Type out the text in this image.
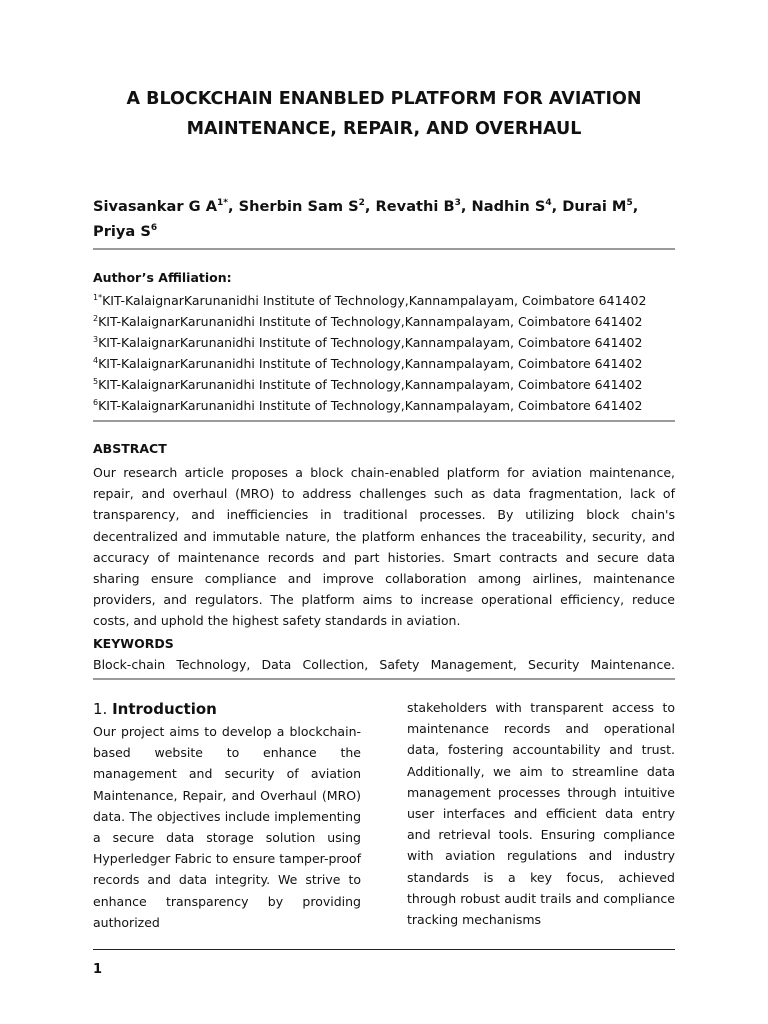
A BLOCKCHAIN ENANBLED PLATFORM FOR AVIATION
MAINTENANCE, REPAIR, AND OVERHAUL
Sivasankar G $A^{1*}$, Sherbin Sam $S^2$, Revathi $B^3$, Nadhin $S^4$, Durai $M^5$, Priya $S^6$
Author’s Affiliation:
$^{1*}$KIT-KalaignarKarunanidhi Institute of Technology,Kannampalayam, Coimbatore 641402
$^2$KIT-KalaignarKarunanidhi Institute of Technology,Kannampalayam, Coimbatore 641402
$^3$KIT-KalaignarKarunanidhi Institute of Technology,Kannampalayam, Coimbatore 641402
$^4$KIT-KalaignarKarunanidhi Institute of Technology,Kannampalayam, Coimbatore 641402
$^5$KIT-KalaignarKarunanidhi Institute of Technology,Kannampalayam, Coimbatore 641402
$^6$KIT-KalaignarKarunanidhi Institute of Technology,Kannampalayam, Coimbatore 641402
ABSTRACT
Our research article proposes a block chain-enabled platform for aviation maintenance, repair, and overhaul (MRO) to address challenges such as data fragmentation, lack of transparency, and inefficiencies in traditional processes. By utilizing block chain's decentralized and immutable nature, the platform enhances the traceability, security, and accuracy of maintenance records and part histories. Smart contracts and secure data sharing ensure compliance and improve collaboration among airlines, maintenance providers, and regulators. The platform aims to increase operational efficiency, reduce costs, and uphold the highest safety standards in aviation.
KEYWORDS
Block-chain Technology, Data Collection, Safety Management, Security Maintenance.
1. Introduction
Our project aims to develop a blockchain-based website to enhance the management and security of aviation Maintenance, Repair, and Overhaul (MRO) data. The objectives include implementing a secure data storage solution using Hyperledger Fabric to ensure tamper-proof records and data integrity. We strive to enhance transparency by providing authorized
stakeholders with transparent access to maintenance records and operational data, fostering accountability and trust. Additionally, we aim to streamline data management processes through intuitive user interfaces and efficient data entry and retrieval tools. Ensuring compliance with aviation regulations and industry standards is a key focus, achieved through robust audit trails and compliance tracking mechanisms
1
